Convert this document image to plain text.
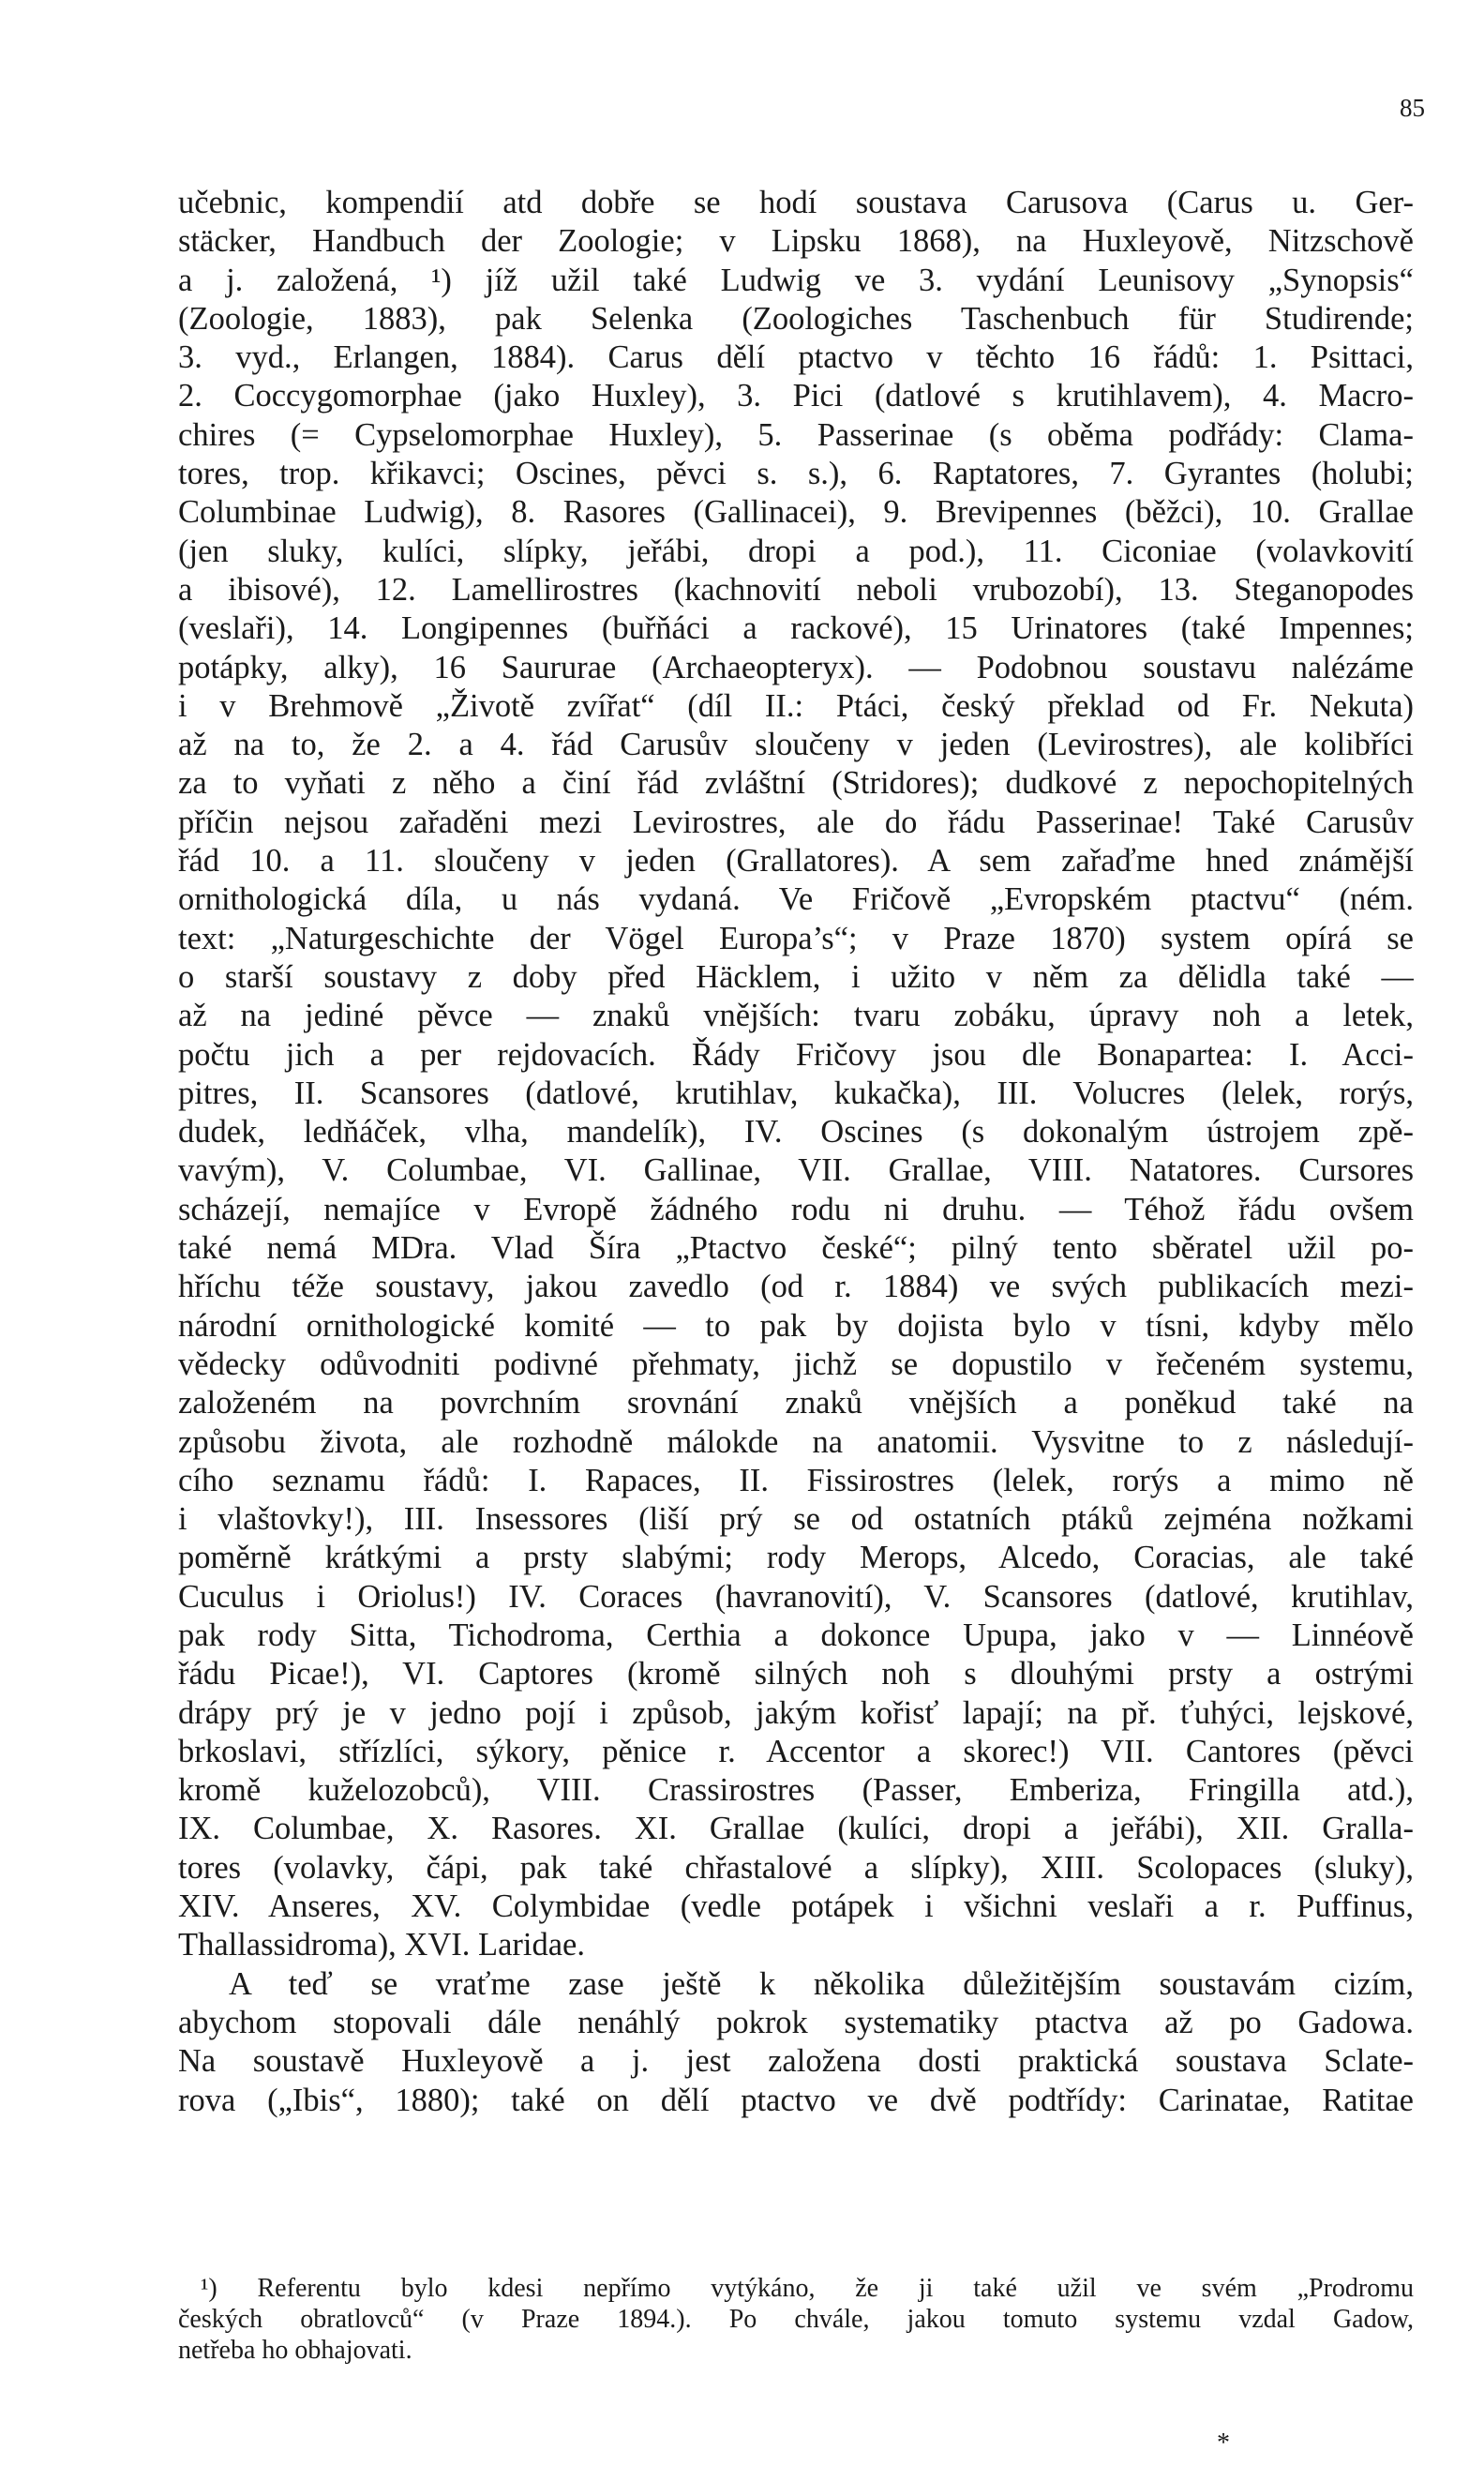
85
učebnic, kompendií atd dobře se hodí soustava Carusova (Carus u. Ger-
stäcker, Handbuch der Zoologie; v Lipsku 1868), na Huxleyově, Nitzschově
a j. založená, ¹) jíž užil také Ludwig ve 3. vydání Leunisovy „Synopsis“
(Zoologie, 1883), pak Selenka (Zoologiches Taschenbuch für Studirende;
3. vyd., Erlangen, 1884). Carus dělí ptactvo v těchto 16 řádů: 1. Psittaci,
2. Coccygomorphae (jako Huxley), 3. Pici (datlové s krutihlavem), 4. Macro-
chires (= Cypselomorphae Huxley), 5. Passerinae (s oběma podřády: Clama-
tores, trop. křikavci; Oscines, pěvci s. s.), 6. Raptatores, 7. Gyrantes (holubi;
Columbinae Ludwig), 8. Rasores (Gallinacei), 9. Brevipennes (běžci), 10. Grallae
(jen sluky, kulíci, slípky, jeřábi, dropi a pod.), 11. Ciconiae (volavkovití
a ibisové), 12. Lamellirostres (kachnovití neboli vrubozobí), 13. Steganopodes
(veslaři), 14. Longipennes (buřňáci a rackové), 15 Urinatores (také Impennes;
potápky, alky), 16 Saururae (Archaeopteryx). — Podobnou soustavu nalézáme
i v Brehmově „Životě zvířat“ (díl II.: Ptáci, český překlad od Fr. Nekuta)
až na to, že 2. a 4. řád Carusův sloučeny v jeden (Levirostres), ale kolibříci
za to vyňati z něho a činí řád zvláštní (Stridores); dudkové z nepochopitelných
příčin nejsou zařaděni mezi Levirostres, ale do řádu Passerinae! Také Carusův
řád 10. a 11. sloučeny v jeden (Grallatores). A sem zařaďme hned známější
ornithologická díla, u nás vydaná. Ve Fričově „Evropském ptactvu“ (ném.
text: „Naturgeschichte der Vögel Europa’s“; v Praze 1870) system opírá se
o starší soustavy z doby před Häcklem, i užito v něm za dělidla také —
až na jediné pěvce — znaků vnějších: tvaru zobáku, úpravy noh a letek,
počtu jich a per rejdovacích. Řády Fričovy jsou dle Bonapartea: I. Acci-
pitres, II. Scansores (datlové, krutihlav, kukačka), III. Volucres (lelek, rorýs,
dudek, ledňáček, vlha, mandelík), IV. Oscines (s dokonalým ústrojem zpě-
vavým), V. Columbae, VI. Gallinae, VII. Grallae, VIII. Natatores. Cursores
scházejí, nemajíce v Evropě žádného rodu ni druhu. — Téhož řádu ovšem
také nemá MDra. Vlad Šíra „Ptactvo české“; pilný tento sběratel užil po-
hříchu téže soustavy, jakou zavedlo (od r. 1884) ve svých publikacích mezi-
národní ornithologické komité — to pak by dojista bylo v tísni, kdyby mělo
vědecky odůvodniti podivné přehmaty, jichž se dopustilo v řečeném systemu,
založeném na povrchním srovnání znaků vnějších a poněkud také na
způsobu života, ale rozhodně málokde na anatomii. Vysvitne to z následují-
cího seznamu řádů: I. Rapaces, II. Fissirostres (lelek, rorýs a mimo ně
i vlaštovky!), III. Insessores (liší prý se od ostatních ptáků zejména nožkami
poměrně krátkými a prsty slabými; rody Merops, Alcedo, Coracias, ale také
Cuculus i Oriolus!) IV. Coraces (havranovití), V. Scansores (datlové, krutihlav,
pak rody Sitta, Tichodroma, Certhia a dokonce Upupa, jako v — Linnéově
řádu Picae!), VI. Captores (kromě silných noh s dlouhými prsty a ostrými
drápy prý je v jedno pojí i způsob, jakým kořisť lapají; na př. ťuhýci, lejskové,
brkoslavi, střízlíci, sýkory, pěnice r. Accentor a skorec!) VII. Cantores (pěvci
kromě kuželozobců), VIII. Crassirostres (Passer, Emberiza, Fringilla atd.),
IX. Columbae, X. Rasores. XI. Grallae (kulíci, dropi a jeřábi), XII. Gralla-
tores (volavky, čápi, pak také chřastalové a slípky), XIII. Scolopaces (sluky),
XIV. Anseres, XV. Colymbidae (vedle potápek i všichni veslaři a r. Puffinus,
Thallassidroma), XVI. Laridae.
A teď se vraťme zase ještě k několika důležitějším soustavám cizím,
abychom stopovali dále nenáhlý pokrok systematiky ptactva až po Gadowa.
Na soustavě Huxleyově a j. jest založena dosti praktická soustava Sclate-
rova („Ibis“, 1880); také on dělí ptactvo ve dvě podtřídy: Carinatae, Ratitae
¹) Referentu bylo kdesi nepřímo vytýkáno, že ji také užil ve svém „Prodromu
českých obratlovců“ (v Praze 1894.). Po chvále, jakou tomuto systemu vzdal Gadow,
netřeba ho obhajovati.
*
